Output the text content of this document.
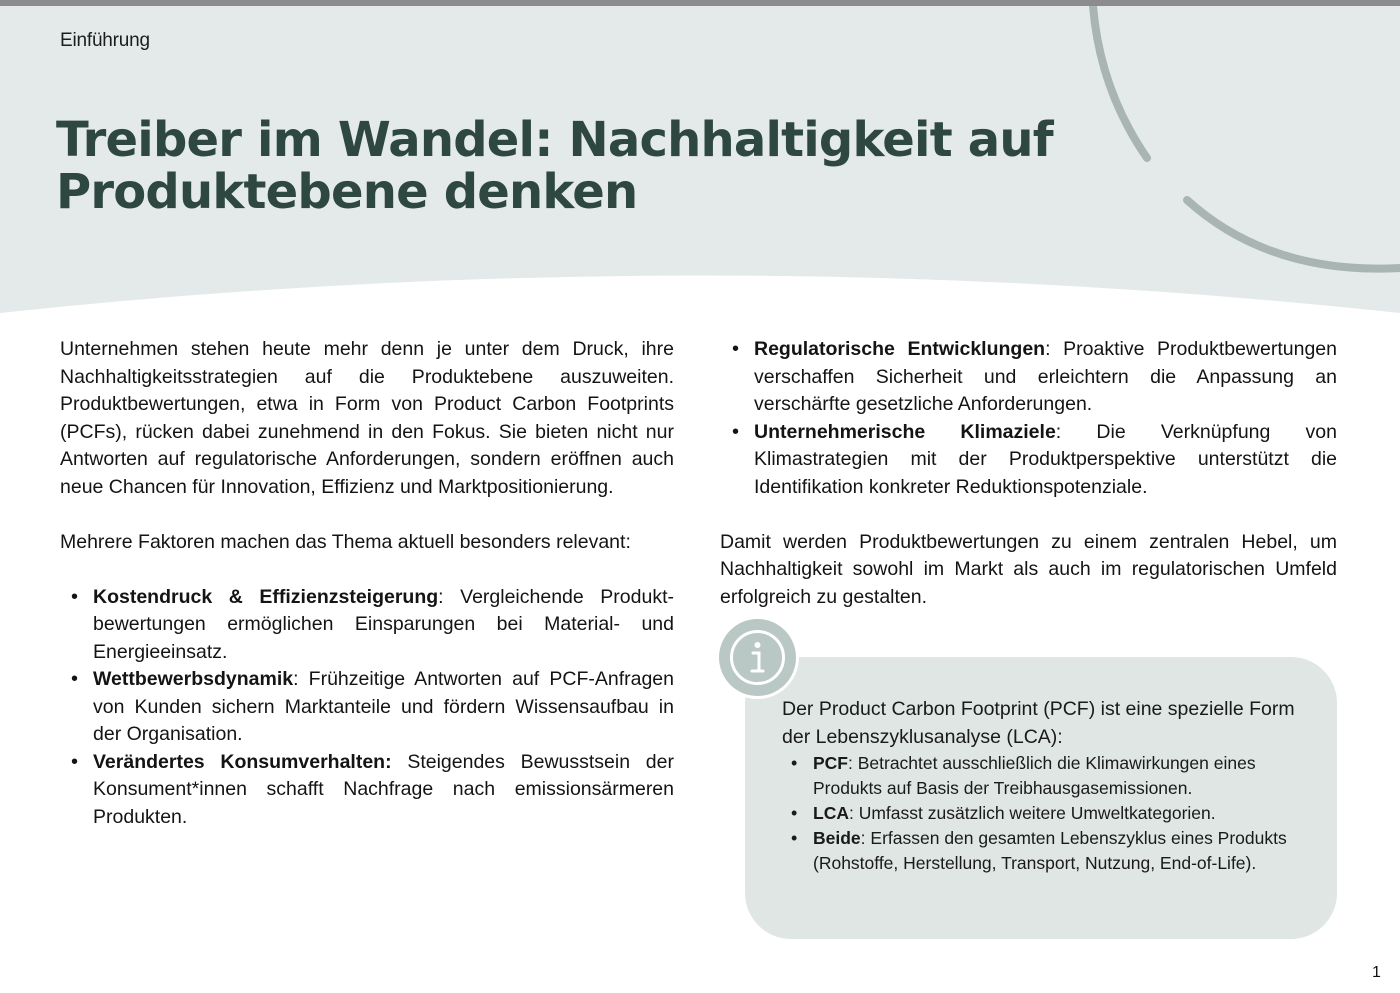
Einführung
Treiber im Wandel: Nachhaltigkeit auf Produktebene denken

Unternehmen stehen heute mehr denn je unter dem Druck, ihre Nachhaltigkeitsstrategien auf die Produktebene auszuweiten. Produktbewertungen, etwa in Form von Product Carbon Footprints (PCFs), rücken dabei zunehmend in den Fokus. Sie bieten nicht nur Antworten auf regulatorische Anforderungen, sondern eröffnen auch neue Chancen für Innovation, Effizienz und Marktpositionierung.

Mehrere Faktoren machen das Thema aktuell besonders relevant:

• Kostendruck & Effizienzsteigerung: Vergleichende Produktbewertungen ermöglichen Einsparungen bei Material- und Energieeinsatz.
• Wettbewerbsdynamik: Frühzeitige Antworten auf PCF-Anfragen von Kunden sichern Marktanteile und fördern Wissensaufbau in der Organisation.
• Verändertes Konsumverhalten: Steigendes Bewusstsein der Konsument*innen schafft Nachfrage nach emissionsärmeren Produkten.
• Regulatorische Entwicklungen: Proaktive Produktbewertungen verschaffen Sicherheit und erleichtern die Anpassung an verschärfte gesetzliche Anforderungen.
• Unternehmerische Klimaziele: Die Verknüpfung von Klimastrategien mit der Produktperspektive unterstützt die Identifikation konkreter Reduktionspotenziale.

Damit werden Produktbewertungen zu einem zentralen Hebel, um Nachhaltigkeit sowohl im Markt als auch im regulatorischen Umfeld erfolgreich zu gestalten.

Der Product Carbon Footprint (PCF) ist eine spezielle Form der Lebenszyklusanalyse (LCA):

• PCF: Betrachtet ausschließlich die Klimawirkungen eines Produkts auf Basis der Treibhausgasemissionen.
• LCA: Umfasst zusätzlich weitere Umweltkategorien.
• Beide: Erfassen den gesamten Lebenszyklus eines Produkts (Rohstoffe, Herstellung, Transport, Nutzung, End-of-Life).
1
